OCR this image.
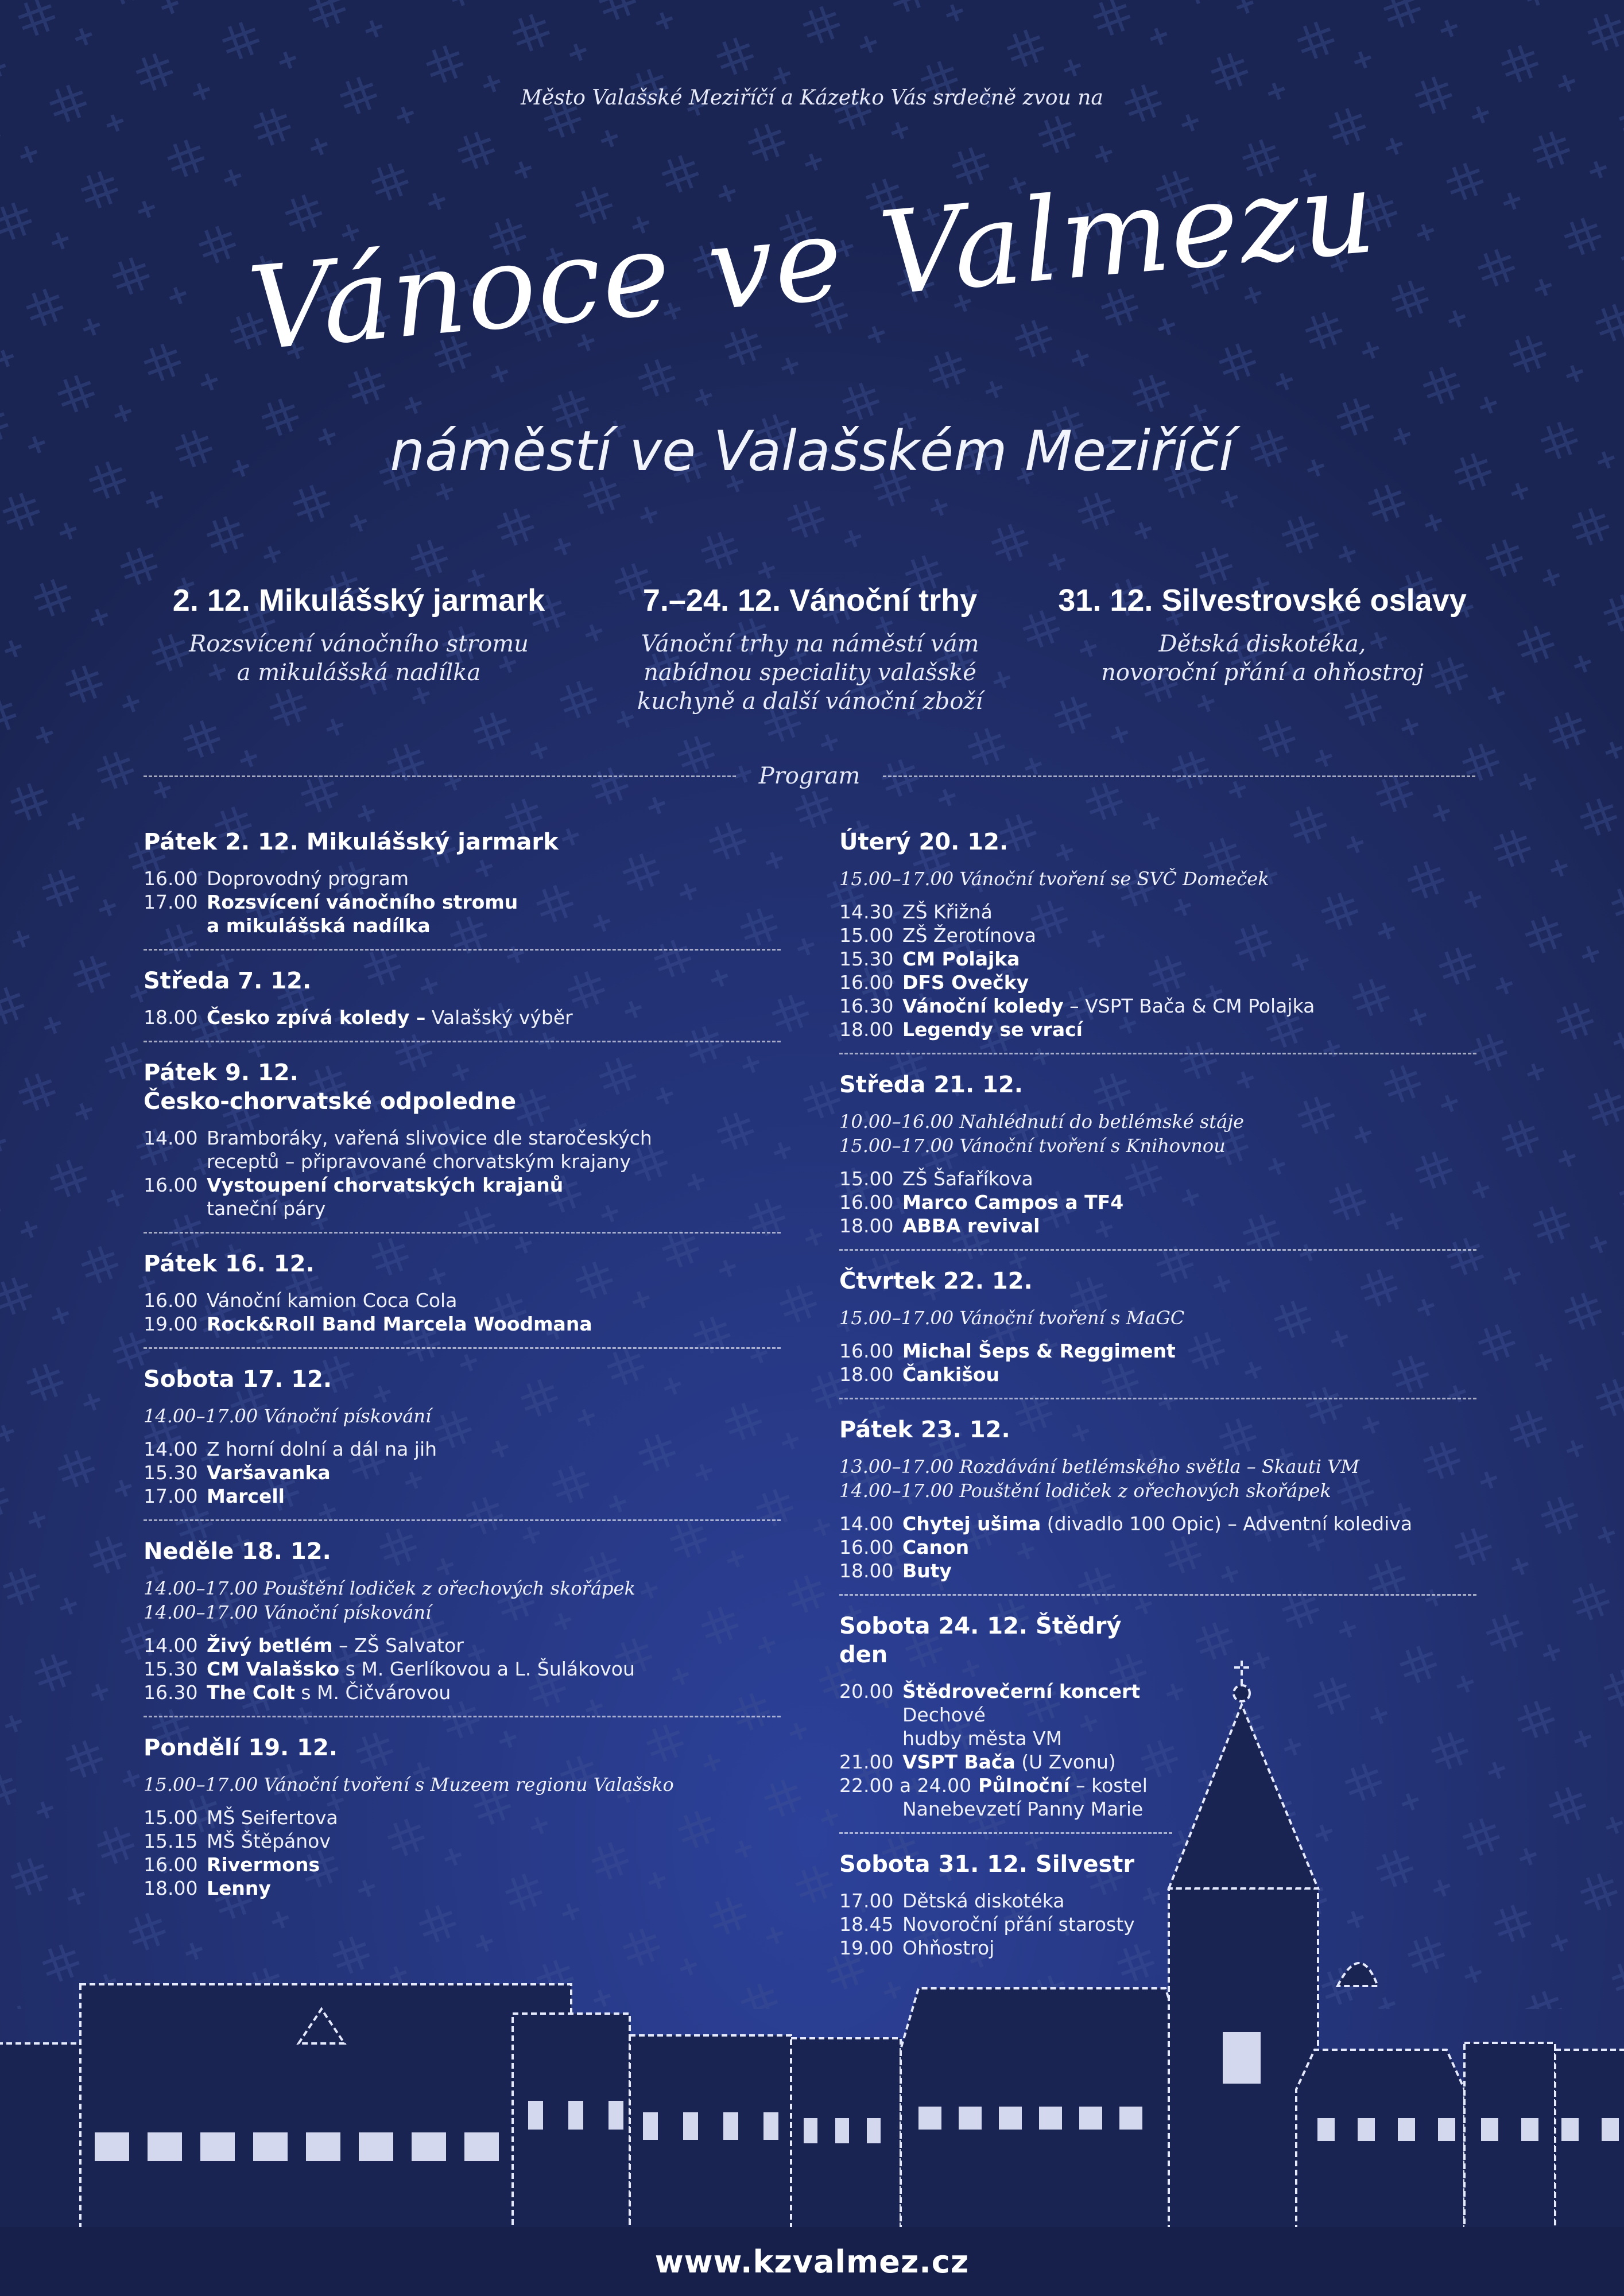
Město Valašské Meziříčí a Kázetko Vás srdečně zvou na
Vánoce ve Valmezu
náměstí ve Valašském Meziříčí
2. 12. Mikulášský jarmark

Rozsvícení vánočního stromu
a mikulášská nadílka

7.–24. 12. Vánoční trhy

Vánoční trhy na náměstí vám
nabídnou speciality valašské
kuchyně a další vánoční zboží

31. 12. Silvestrovské oslavy

Dětská diskotéka,
novoroční přání a ohňostroj

Program
Pátek 2. 12. Mikulášský jarmark
16.00 Doprovodný program
17.00 Rozsvícení vánočního stromu
a mikulášská nadílka
Středa 7. 12.
18.00 Česko zpívá koledy – Valašský výběr
Pátek 9. 12.
Česko-chorvatské odpoledne
14.00 Bramboráky, vařená slivovice dle staročeských
receptů – připravované chorvatským krajany
16.00 Vystoupení chorvatských krajanů
taneční páry
Pátek 16. 12.
16.00 Vánoční kamion Coca Cola
19.00 Rock&Roll Band Marcela Woodmana
Sobota 17. 12.
14.00–17.00 Vánoční pískování
14.00 Z horní dolní a dál na jih
15.30 Varšavanka
17.00 Marcell
Neděle 18. 12.
14.00–17.00 Pouštění lodiček z ořechových skořápek
14.00–17.00 Vánoční pískování
14.00 Živý betlém – ZŠ Salvator
15.30 CM Valašsko s M. Gerlíkovou a L. Šulákovou
16.30 The Colt s M. Čičvárovou
Pondělí 19. 12.
15.00–17.00 Vánoční tvoření s Muzeem regionu Valašsko
15.00 MŠ Seifertova
15.15 MŠ Štěpánov
16.00 Rivermons
18.00 Lenny
Úterý 20. 12.
15.00–17.00 Vánoční tvoření se SVČ Domeček
14.30 ZŠ Křižná
15.00 ZŠ Žerotínova
15.30 CM Polajka
16.00 DFS Ovečky
16.30 Vánoční koledy – VSPT Bača & CM Polajka
18.00 Legendy se vrací
Středa 21. 12.
10.00–16.00 Nahlédnutí do betlémské stáje
15.00–17.00 Vánoční tvoření s Knihovnou
15.00 ZŠ Šafaříkova
16.00 Marco Campos a TF4
18.00 ABBA revival
Čtvrtek 22. 12.
15.00–17.00 Vánoční tvoření s MaGC
16.00 Michal Šeps & Reggiment
18.00 Čankišou
Pátek 23. 12.
13.00–17.00 Rozdávání betlémského světla – Skauti VM
14.00–17.00 Pouštění lodiček z ořechových skořápek
14.00 Chytej ušima (divadlo 100 Opic) – Adventní kolediva
16.00 Canon
18.00 Buty
Sobota 24. 12. Štědrý den
20.00 Štědrovečerní koncert Dechové
hudby města VM
21.00 VSPT Bača (U Zvonu)
22.00 a 24.00 Půlnoční – kostel
Nanebevzetí Panny Marie
Sobota 31. 12. Silvestr
17.00 Dětská diskotéka
18.45 Novoroční přání starosty
19.00 Ohňostroj
www.kzvalmez.cz
